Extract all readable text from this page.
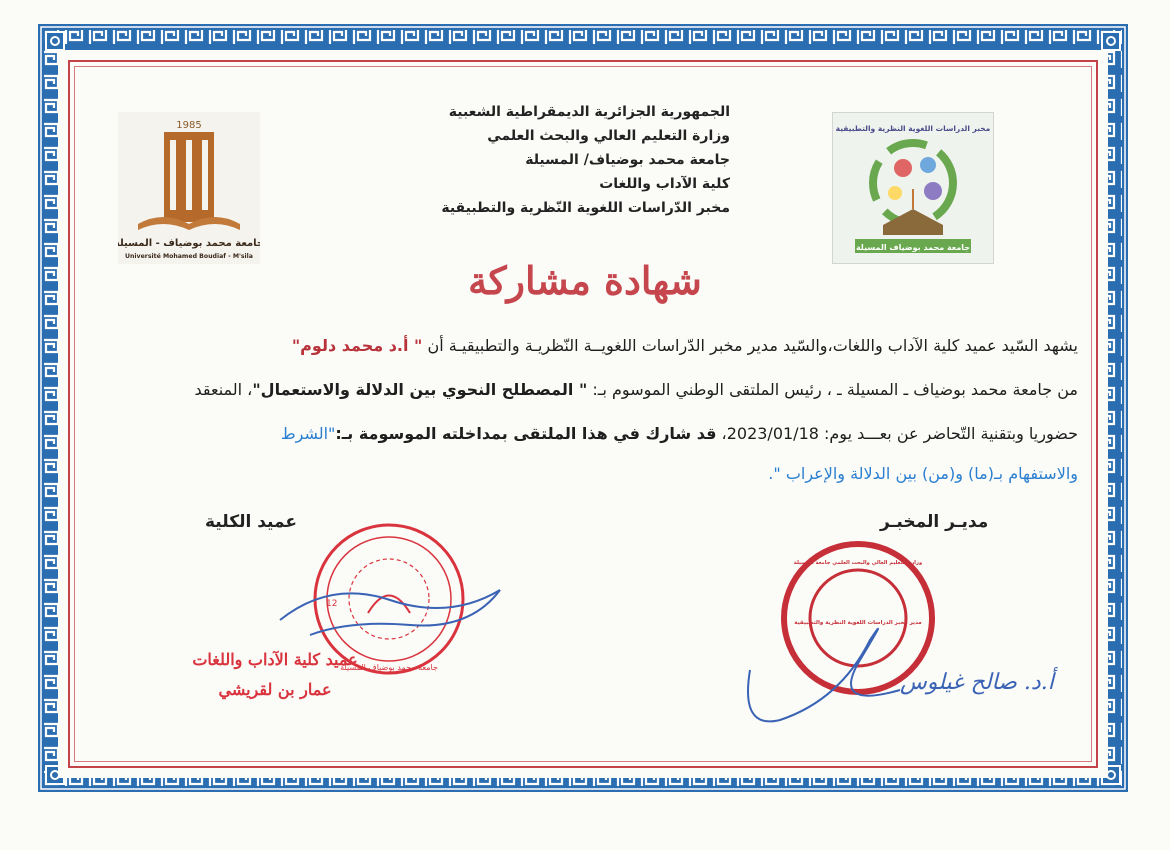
1985
جامعة محمد بوضياف - المسيلة
Université Mohamed Boudiaf - M'sila
الجمهورية الجزائرية الديمقراطية الشعبية
وزارة التعليم العالي والبحث العلمي
جامعة محمد بوضياف/ المسيلة
كلية الآداب واللغات
مخبر الدّراسات اللغوية النّظرية والتطبيقية
مخبر الدراسات اللغوية النظرية والتطبيقية
جامعة محمد بوضياف المسيلة
شهادة مشاركة
يشهد السّيد عميد كلية الآداب واللغات،والسّيد مدير مخبر الدّراسات اللغويــة النّظريـة والتطبيقيـة أن " أ.د محمد دلوم"
من جامعة محمد بوضياف ـ المسيلة ـ ، رئيس الملتقى الوطني الموسوم بـ: " المصطلح النحوي بين الدلالة والاستعمال"، المنعقد
حضوريا وبتقنية التّحاضر عن بعـــد يوم: 2023/01/18، قد شارك في هذا الملتقى بمداخلته الموسومة بـ:"الشرط
والاستفهام بـ(ما) و(من) بين الدلالة والإعراب ".
مديـر المخبـر
عميد الكلية
12
جامعة محمد بوضياف المسيلة
عميد كلية الآداب واللغات
عمار بن لقريشي
مدير مخبر الدراسات اللغوية النظرية والتطبيقية
وزارة التعليم العالي والبحث العلمي جامعة المسيلة
أ.د. صالح غيلوس
